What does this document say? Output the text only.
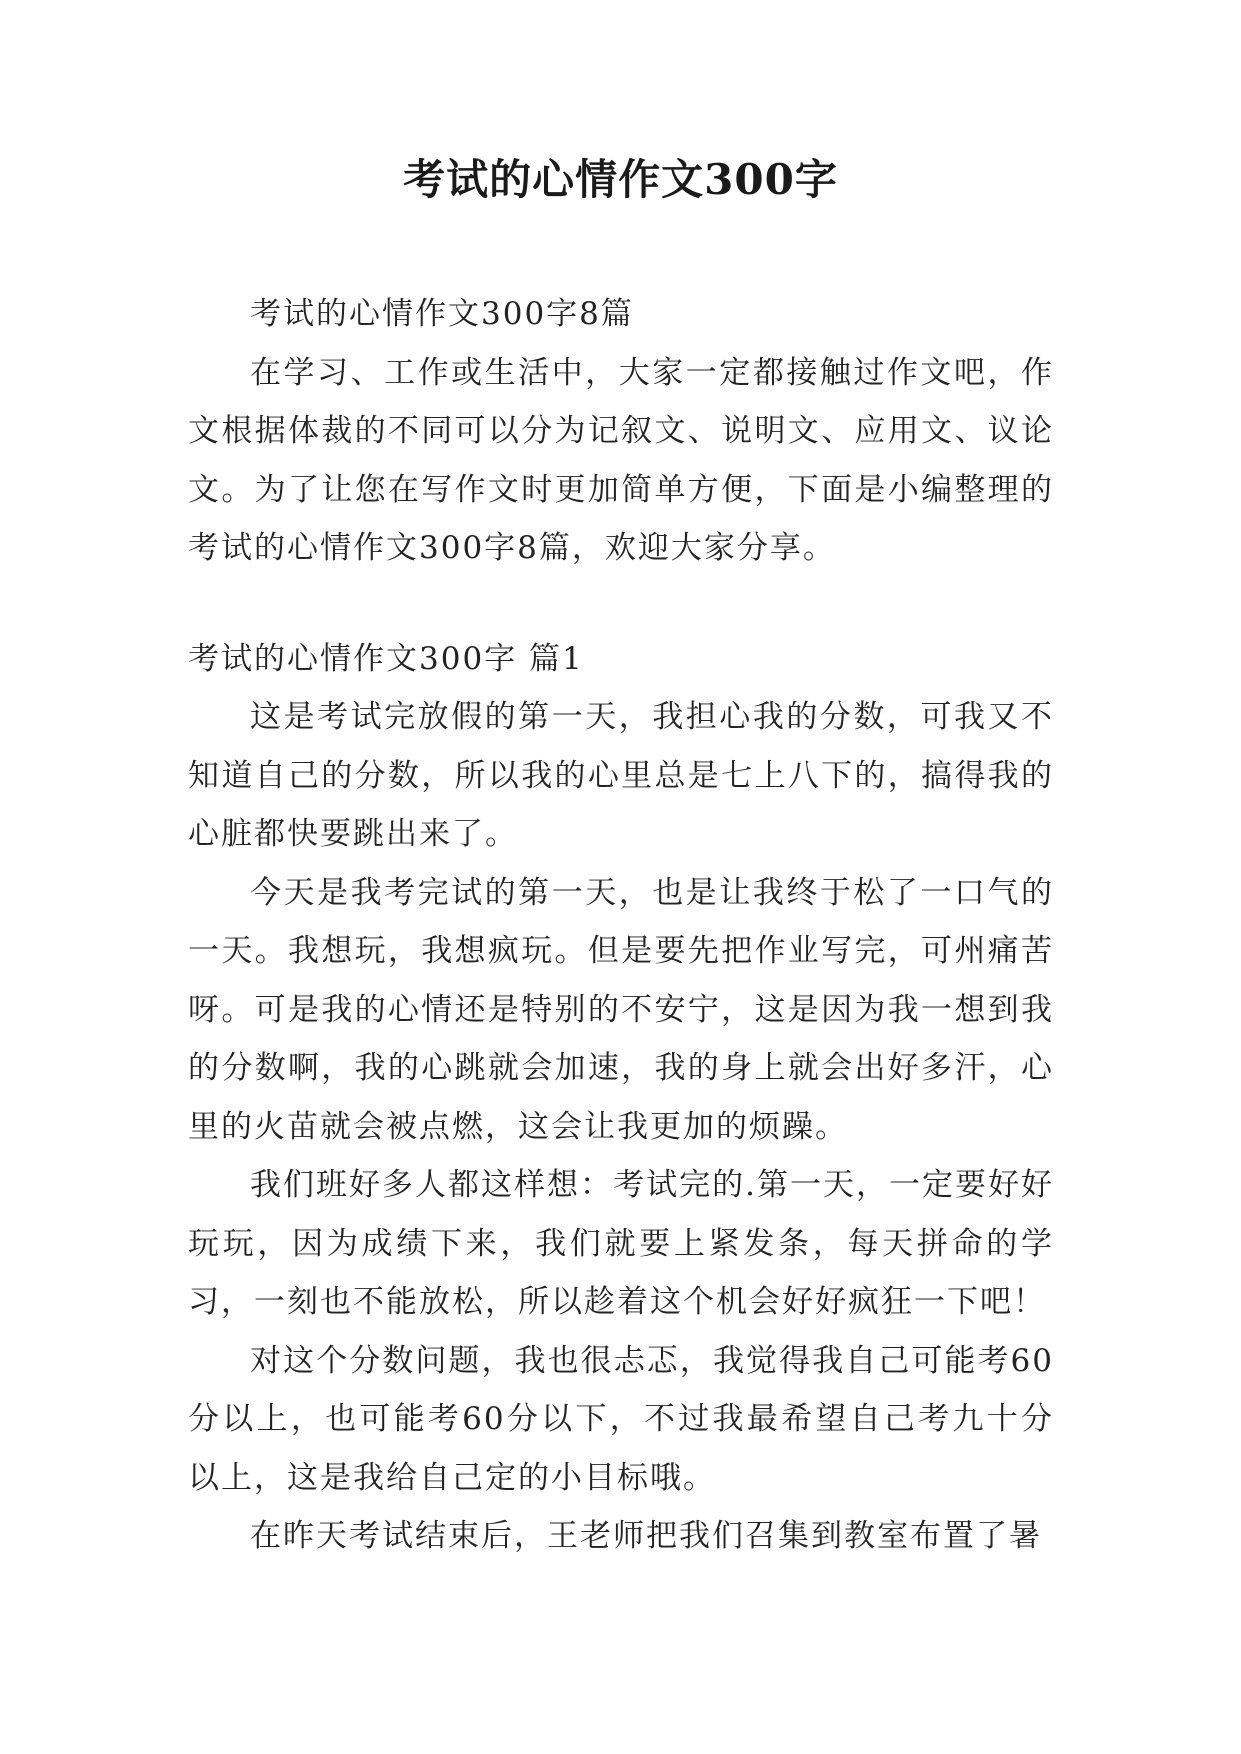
考试的心情作文300字

考试的心情作文300字8篇

在学习、工作或生活中，大家一定都接触过作文吧，作文根据体裁的不同可以分为记叙文、说明文、应用文、议论文。为了让您在写作文时更加简单方便，下面是小编整理的考试的心情作文300字8篇，欢迎大家分享。

考试的心情作文300字 篇1

这是考试完放假的第一天，我担心我的分数，可我又不知道自己的分数，所以我的心里总是七上八下的，搞得我的心脏都快要跳出来了。

今天是我考完试的第一天，也是让我终于松了一口气的一天。我想玩，我想疯玩。但是要先把作业写完，可州痛苦呀。可是我的心情还是特别的不安宁，这是因为我一想到我的分数啊，我的心跳就会加速，我的身上就会出好多汗，心里的火苗就会被点燃，这会让我更加的烦躁。

我们班好多人都这样想：考试完的.第一天，一定要好好玩玩，因为成绩下来，我们就要上紧发条，每天拼命的学习，一刻也不能放松，所以趁着这个机会好好疯狂一下吧！

对这个分数问题，我也很忐忑，我觉得我自己可能考60分以上，也可能考60分以下，不过我最希望自己考九十分以上，这是我给自己定的小目标哦。

在昨天考试结束后，王老师把我们召集到教室布置了暑
